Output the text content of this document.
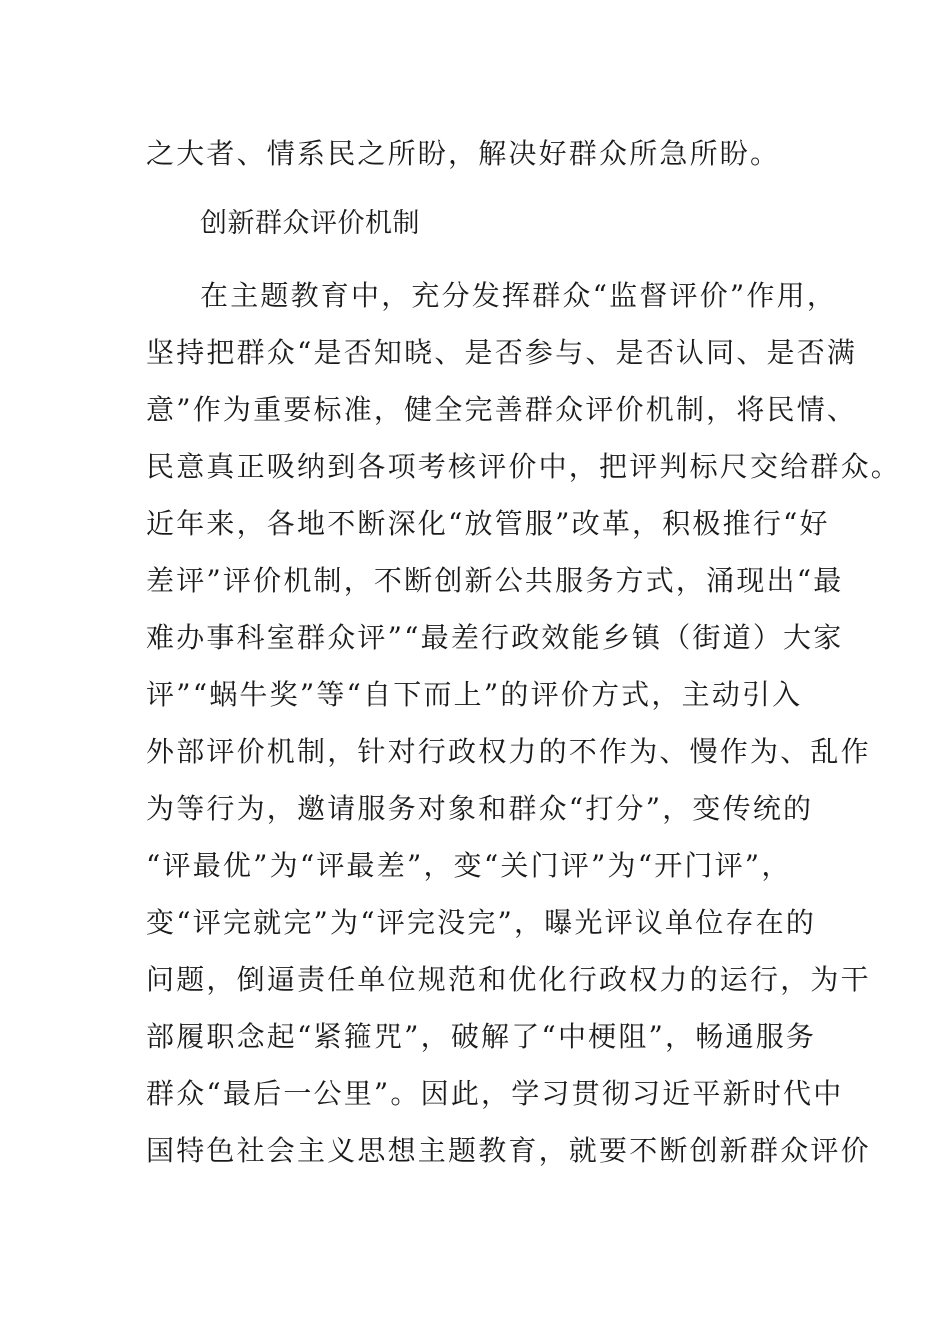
之大者、情系民之所盼，解决好群众所急所盼。
创新群众评价机制
在主题教育中，充分发挥群众“监督评价”作用，
坚持把群众“是否知晓、是否参与、是否认同、是否满
意”作为重要标准，健全完善群众评价机制，将民情、
民意真正吸纳到各项考核评价中，把评判标尺交给群众。
近年来，各地不断深化“放管服”改革，积极推行“好
差评”评价机制，不断创新公共服务方式，涌现出“最
难办事科室群众评”“最差行政效能乡镇（街道）大家
评”“蜗牛奖”等“自下而上”的评价方式，主动引入
外部评价机制，针对行政权力的不作为、慢作为、乱作
为等行为，邀请服务对象和群众“打分”，变传统的
“评最优”为“评最差”，变“关门评”为“开门评”，
变“评完就完”为“评完没完”，曝光评议单位存在的
问题，倒逼责任单位规范和优化行政权力的运行，为干
部履职念起“紧箍咒”，破解了“中梗阻”，畅通服务
群众“最后一公里”。因此，学习贯彻习近平新时代中
国特色社会主义思想主题教育，就要不断创新群众评价
